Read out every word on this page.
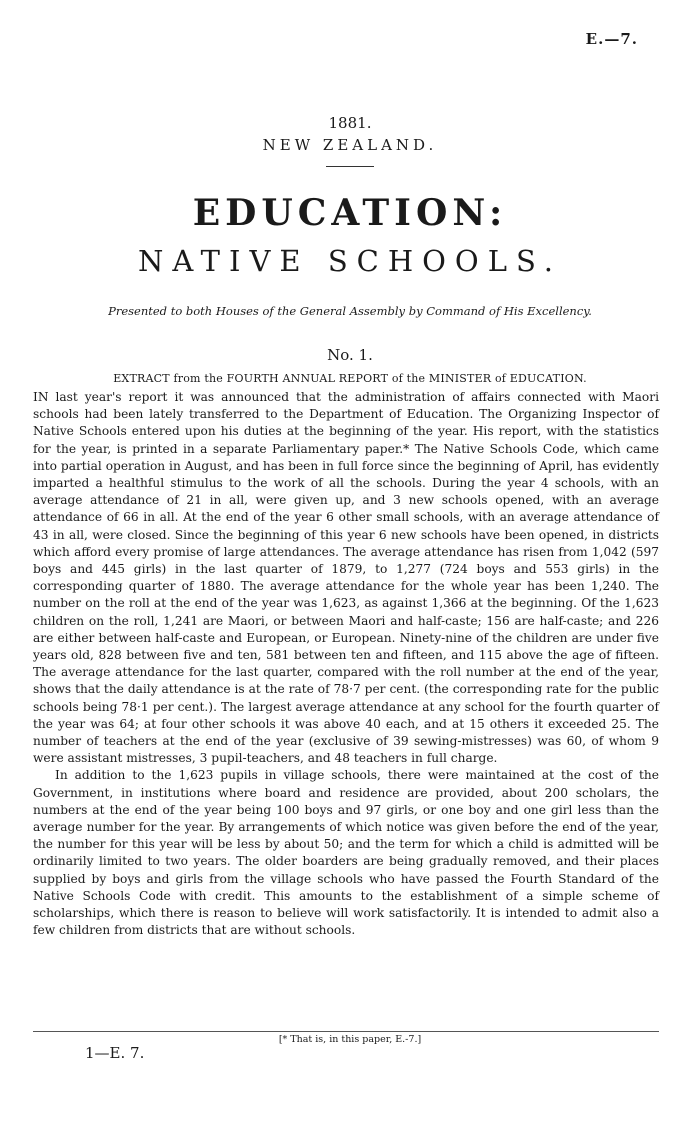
E.—7.
1881.
NEW ZEALAND.
EDUCATION:
NATIVE SCHOOLS.
Presented to both Houses of the General Assembly by Command of His Excellency.
No. 1.
EXTRACT from the FOURTH ANNUAL REPORT of the MINISTER of EDUCATION.

IN last year's report it was announced that the administration of affairs connected with Maori schools had been lately transferred to the Department of Education. The Organizing Inspector of Native Schools entered upon his duties at the beginning of the year. His report, with the statistics for the year, is printed in a separate Parliamentary paper.* The Native Schools Code, which came into partial operation in August, and has been in full force since the beginning of April, has evidently imparted a healthful stimulus to the work of all the schools. During the year 4 schools, with an average attendance of 21 in all, were given up, and 3 new schools opened, with an average attendance of 66 in all. At the end of the year 6 other small schools, with an average attendance of 43 in all, were closed. Since the beginning of this year 6 new schools have been opened, in districts which afford every promise of large attendances. The average attendance has risen from 1,042 (597 boys and 445 girls) in the last quarter of 1879, to 1,277 (724 boys and 553 girls) in the corresponding quarter of 1880. The average attendance for the whole year has been 1,240. The number on the roll at the end of the year was 1,623, as against 1,366 at the beginning. Of the 1,623 children on the roll, 1,241 are Maori, or between Maori and half-caste; 156 are half-caste; and 226 are either between half-caste and European, or European. Ninety-nine of the children are under five years old, 828 between five and ten, 581 between ten and fifteen, and 115 above the age of fifteen. The average attendance for the last quarter, compared with the roll number at the end of the year, shows that the daily attendance is at the rate of 78·7 per cent. (the corresponding rate for the public schools being 78·1 per cent.). The largest average attendance at any school for the fourth quarter of the year was 64; at four other schools it was above 40 each, and at 15 others it exceeded 25. The number of teachers at the end of the year (exclusive of 39 sewing-mistresses) was 60, of whom 9 were assistant mistresses, 3 pupil-teachers, and 48 teachers in full charge.

In addition to the 1,623 pupils in village schools, there were maintained at the cost of the Government, in institutions where board and residence are provided, about 200 scholars, the numbers at the end of the year being 100 boys and 97 girls, or one boy and one girl less than the average number for the year. By arrangements of which notice was given before the end of the year, the number for this year will be less by about 50; and the term for which a child is admitted will be ordinarily limited to two years. The older boarders are being gradually removed, and their places supplied by boys and girls from the village schools who have passed the Fourth Standard of the Native Schools Code with credit. This amounts to the establishment of a simple scheme of scholarships, which there is reason to believe will work satisfactorily. It is intended to admit also a few children from districts that are without schools.

[* That is, in this paper, E.-7.]
1—E. 7.
